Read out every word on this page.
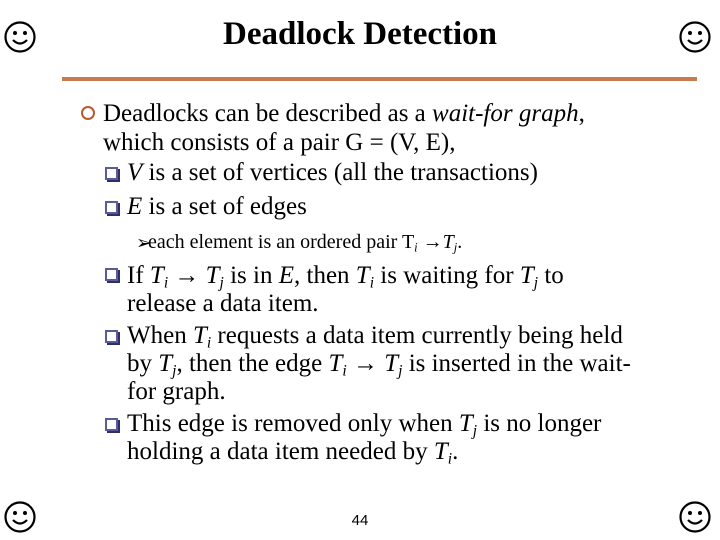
Deadlock Detection
Deadlocks can be described as a wait-for graph,
which consists of a pair G = (V, E),
V is a set of vertices (all the transactions)
E is a set of edges
➢
each element is an ordered pair $T_i \to T_j$.
If $T_i \to T_j$ is in E, then $T_i$ is waiting for $T_j$ to
release a data item.
When $T_i$ requests a data item currently being held
by $T_j$, then the edge $T_i \to T_j$ is inserted in the wait-
for graph.
This edge is removed only when $T_j$ is no longer
holding a data item needed by $T_i$.
44
